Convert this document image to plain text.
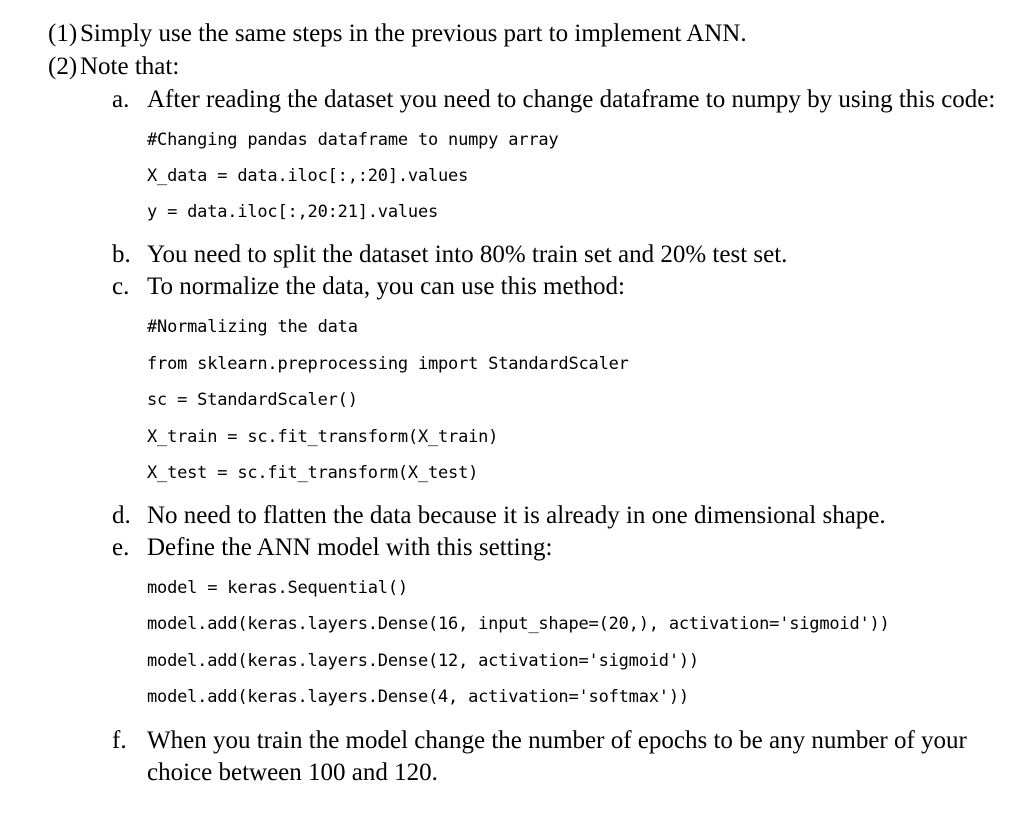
(1) Simply use the same steps in the previous part to implement ANN.
(2) Note that:
a. After reading the dataset you need to change dataframe to numpy by using this code:
#Changing pandas dataframe to numpy array
X_data = data.iloc[:,:20].values
y = data.iloc[:,20:21].values
b. You need to split the dataset into 80% train set and 20% test set.
c. To normalize the data, you can use this method:
#Normalizing the data
from sklearn.preprocessing import StandardScaler
sc = StandardScaler()
X_train = sc.fit_transform(X_train)
X_test = sc.fit_transform(X_test)
d. No need to flatten the data because it is already in one dimensional shape.
e. Define the ANN model with this setting:
model = keras.Sequential()
model.add(keras.layers.Dense(16, input_shape=(20,), activation='sigmoid'))
model.add(keras.layers.Dense(12, activation='sigmoid'))
model.add(keras.layers.Dense(4, activation='softmax'))
f. When you train the model change the number of epochs to be any number of your
choice between 100 and 120.
